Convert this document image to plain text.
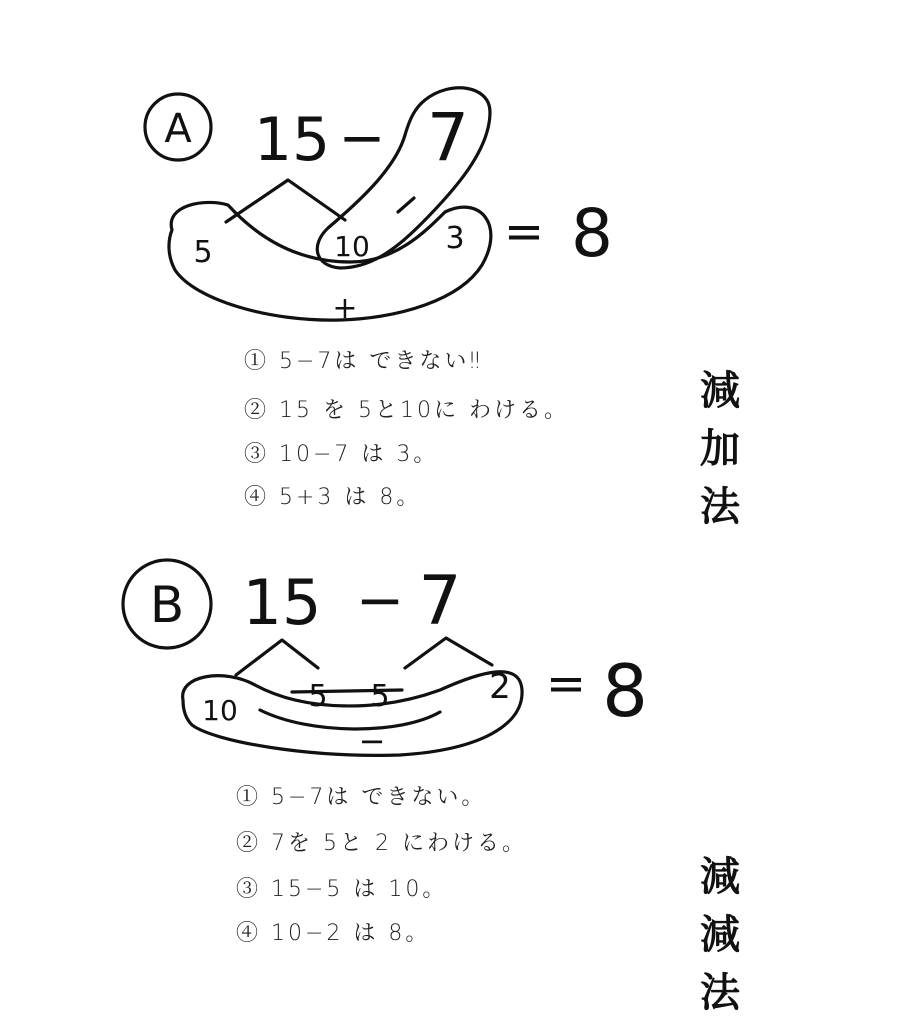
A 15 − 7
5	10	3
+
= 8
B 15 − 7
10 5 5	2
−
= 8
① 5−7は できない‼
② 15 を 5と10に わける。
③ 10−7 は 3。
④ 5+3 は 8。
減
加
法
① 5−7は できない。
② 7を 5と 2 にわける。
③ 15−5 は 10。
④ 10−2 は 8。
減
減
法
